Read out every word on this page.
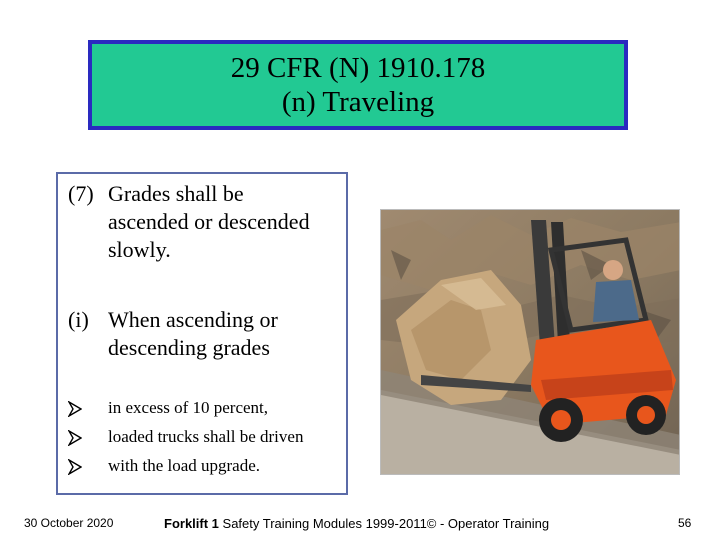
29 CFR (N) 1910.178
(n) Traveling
(7) Grades shall be
ascended or descended
slowly.
(i) When ascending or
descending grades
in excess of 10 percent,
loaded trucks shall be driven
with the load upgrade.
30 October 2020	Forklift 1 Safety Training Modules 1999-2011© - Operator Training	56
